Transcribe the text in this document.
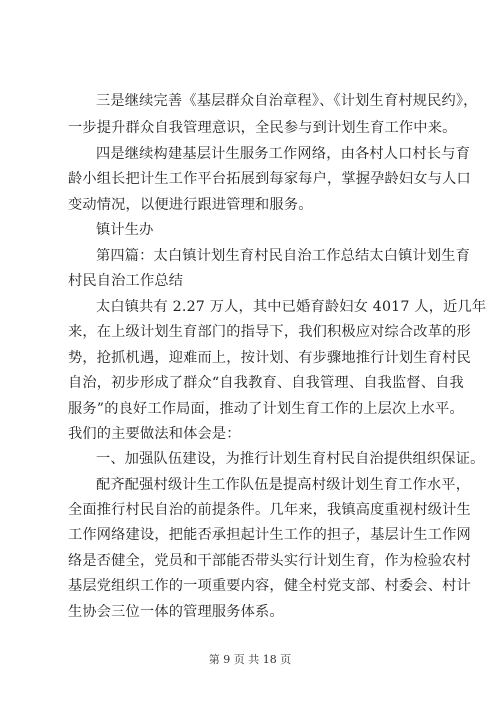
三是继续完善《基层群众自治章程》、《计划生育村规民约》，
一步提升群众自我管理意识，全民参与到计划生育工作中来。
四是继续构建基层计生服务工作网络，由各村人口村长与育
龄小组长把计生工作平台拓展到每家每户，掌握孕龄妇女与人口
变动情况，以便进行跟进管理和服务。
镇计生办
第四篇：太白镇计划生育村民自治工作总结太白镇计划生育
村民自治工作总结
太白镇共有 2.27 万人，其中已婚育龄妇女 4017 人，近几年
来，在上级计划生育部门的指导下，我们积极应对综合改革的形
势，抢抓机遇，迎难而上，按计划、有步骤地推行计划生育村民
自治，初步形成了群众“自我教育、自我管理、自我监督、自我
服务”的良好工作局面，推动了计划生育工作的上层次上水平。
我们的主要做法和体会是：
一、加强队伍建设，为推行计划生育村民自治提供组织保证。
配齐配强村级计生工作队伍是提高村级计划生育工作水平，
全面推行村民自治的前提条件。几年来，我镇高度重视村级计生
工作网络建设，把能否承担起计生工作的担子，基层计生工作网
络是否健全，党员和干部能否带头实行计划生育，作为检验农村
基层党组织工作的一项重要内容，健全村党支部、村委会、村计
生协会三位一体的管理服务体系。
第 9 页 共 18 页
